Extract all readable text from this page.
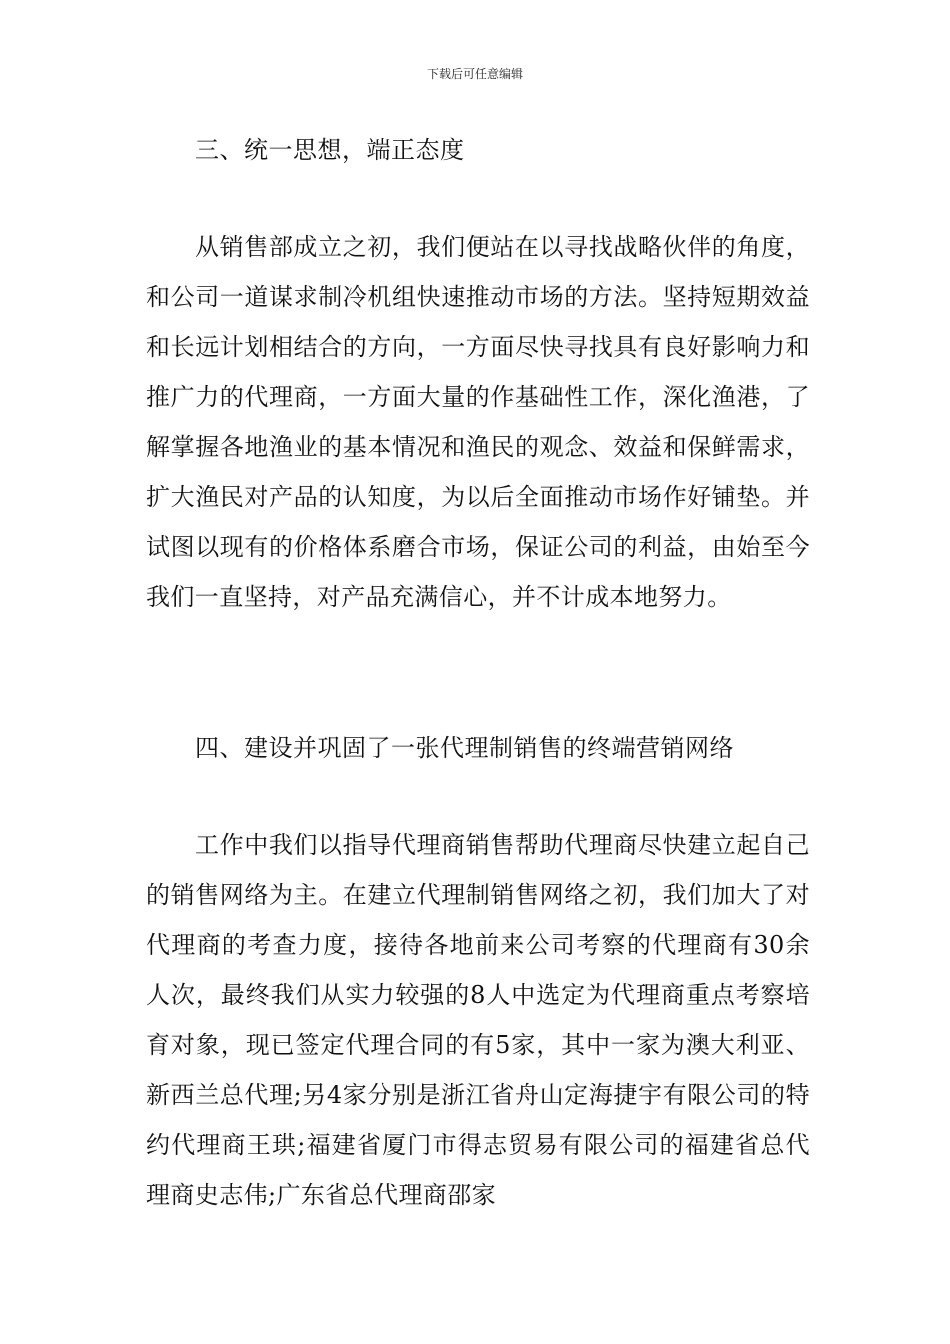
下载后可任意编辑
三、统一思想，端正态度
从销售部成立之初，我们便站在以寻找战略伙伴的角度，和公司一道谋求制冷机组快速推动市场的方法。坚持短期效益和长远计划相结合的方向，一方面尽快寻找具有良好影响力和推广力的代理商，一方面大量的作基础性工作，深化渔港，了解掌握各地渔业的基本情况和渔民的观念、效益和保鲜需求，扩大渔民对产品的认知度，为以后全面推动市场作好铺垫。并试图以现有的价格体系磨合市场，保证公司的利益，由始至今我们一直坚持，对产品充满信心，并不计成本地努力。
四、建设并巩固了一张代理制销售的终端营销网络
工作中我们以指导代理商销售帮助代理商尽快建立起自己的销售网络为主。在建立代理制销售网络之初，我们加大了对代理商的考查力度，接待各地前来公司考察的代理商有30余人次，最终我们从实力较强的8人中选定为代理商重点考察培育对象，现已签定代理合同的有5家，其中一家为澳大利亚、新西兰总代理;另4家分别是浙江省舟山定海捷宇有限公司的特约代理商王珙;福建省厦门市得志贸易有限公司的福建省总代理商史志伟;广东省总代理商邵家
